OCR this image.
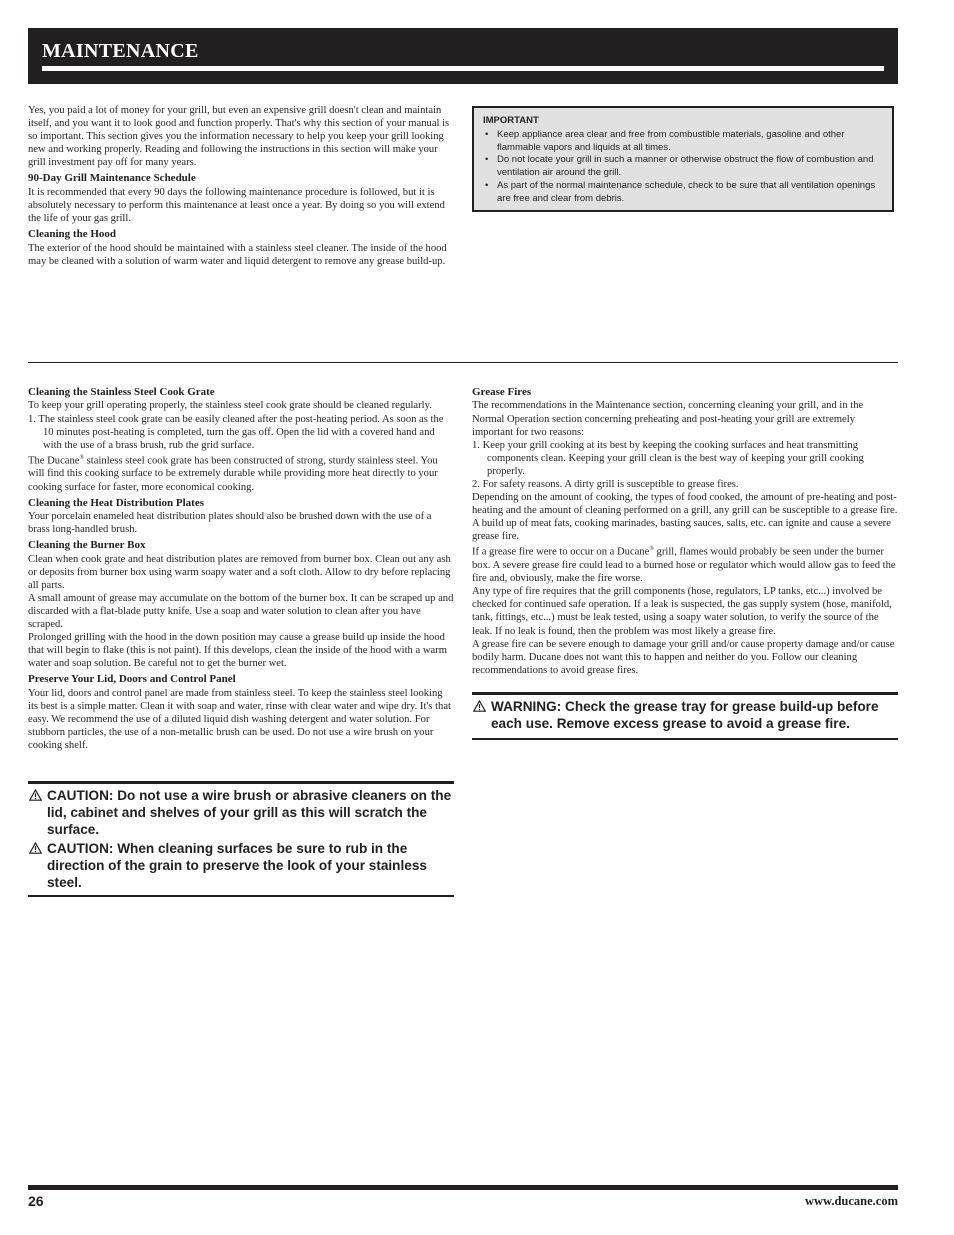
MAINTENANCE

Yes, you paid a lot of money for your grill, but even an expensive grill doesn't clean and maintain itself, and you want it to look good and function properly. That's why this section of your manual is so important. This section gives you the information necessary to help you keep your grill looking new and working properly. Reading and following the instructions in this section will make your grill investment pay off for many years.

90-Day Grill Maintenance Schedule

It is recommended that every 90 days the following maintenance procedure is followed, but it is absolutely necessary to perform this maintenance at least once a year. By doing so you will extend the life of your gas grill.

Cleaning the Hood

The exterior of the hood should be maintained with a stainless steel cleaner. The inside of the hood may be cleaned with a solution of warm water and liquid detergent to remove any grease build-up.

IMPORTANT
• Keep appliance area clear and free from combustible materials, gasoline and other flammable vapors and liquids at all times.
• Do not locate your grill in such a manner or otherwise obstruct the flow of combustion and ventilation air around the grill.
• As part of the normal maintenance schedule, check to be sure that all ventilation openings are free and clear from debris.
Cleaning the Stainless Steel Cook Grate

To keep your grill operating properly, the stainless steel cook grate should be cleaned regularly.

1. The stainless steel cook grate can be easily cleaned after the post-heating period. As soon as the 10 minutes post-heating is completed, turn the gas off. Open the lid with a covered hand and with the use of a brass brush, rub the grid surface.

The Ducane® stainless steel cook grate has been constructed of strong, sturdy stainless steel. You will find this cooking surface to be extremely durable while providing more heat directly to your cooking surface for faster, more economical cooking.

Cleaning the Heat Distribution Plates

Your porcelain enameled heat distribution plates should also be brushed down with the use of a brass long-handled brush.

Cleaning the Burner Box

Clean when cook grate and heat distribution plates are removed from burner box. Clean out any ash or deposits from burner box using warm soapy water and a soft cloth. Allow to dry before replacing all parts.

A small amount of grease may accumulate on the bottom of the burner box. It can be scraped up and discarded with a flat-blade putty knife. Use a soap and water solution to clean after you have scraped.

Prolonged grilling with the hood in the down position may cause a grease build up inside the hood that will begin to flake (this is not paint). If this develops, clean the inside of the hood with a warm water and soap solution. Be careful not to get the burner wet.

Preserve Your Lid, Doors and Control Panel

Your lid, doors and control panel are made from stainless steel. To keep the stainless steel looking its best is a simple matter. Clean it with soap and water, rinse with clear water and wipe dry. It's that easy. We recommend the use of a diluted liquid dish washing detergent and water solution. For stubborn particles, the use of a non-metallic brush can be used. Do not use a wire brush on your cooking shelf.

CAUTION: Do not use a wire brush or abrasive cleaners on the lid, cabinet and shelves of your grill as this will scratch the surface.
CAUTION: When cleaning surfaces be sure to rub in the direction of the grain to preserve the look of your stainless steel.
Grease Fires

The recommendations in the Maintenance section, concerning cleaning your grill, and in the Normal Operation section concerning preheating and post-heating your grill are extremely important for two reasons:

1. Keep your grill cooking at its best by keeping the cooking surfaces and heat transmitting components clean. Keeping your grill clean is the best way of keeping your grill cooking properly.

2. For safety reasons. A dirty grill is susceptible to grease fires.

Depending on the amount of cooking, the types of food cooked, the amount of pre-heating and post-heating and the amount of cleaning performed on a grill, any grill can be susceptible to a grease fire. A build up of meat fats, cooking marinades, basting sauces, salts, etc. can ignite and cause a severe grease fire.

If a grease fire were to occur on a Ducane® grill, flames would probably be seen under the burner box. A severe grease fire could lead to a burned hose or regulator which would allow gas to feed the fire and, obviously, make the fire worse.

Any type of fire requires that the grill components (hose, regulators, LP tanks, etc...) involved be checked for continued safe operation. If a leak is suspected, the gas supply system (hose, manifold, tank, fittings, etc...) must be leak tested, using a soapy water solution, to verify the source of the leak. If no leak is found, then the problem was most likely a grease fire.

A grease fire can be severe enough to damage your grill and/or cause property damage and/or cause bodily harm. Ducane does not want this to happen and neither do you. Follow our cleaning recommendations to avoid grease fires.

WARNING: Check the grease tray for grease build-up before each use. Remove excess grease to avoid a grease fire.
26	www.ducane.com
